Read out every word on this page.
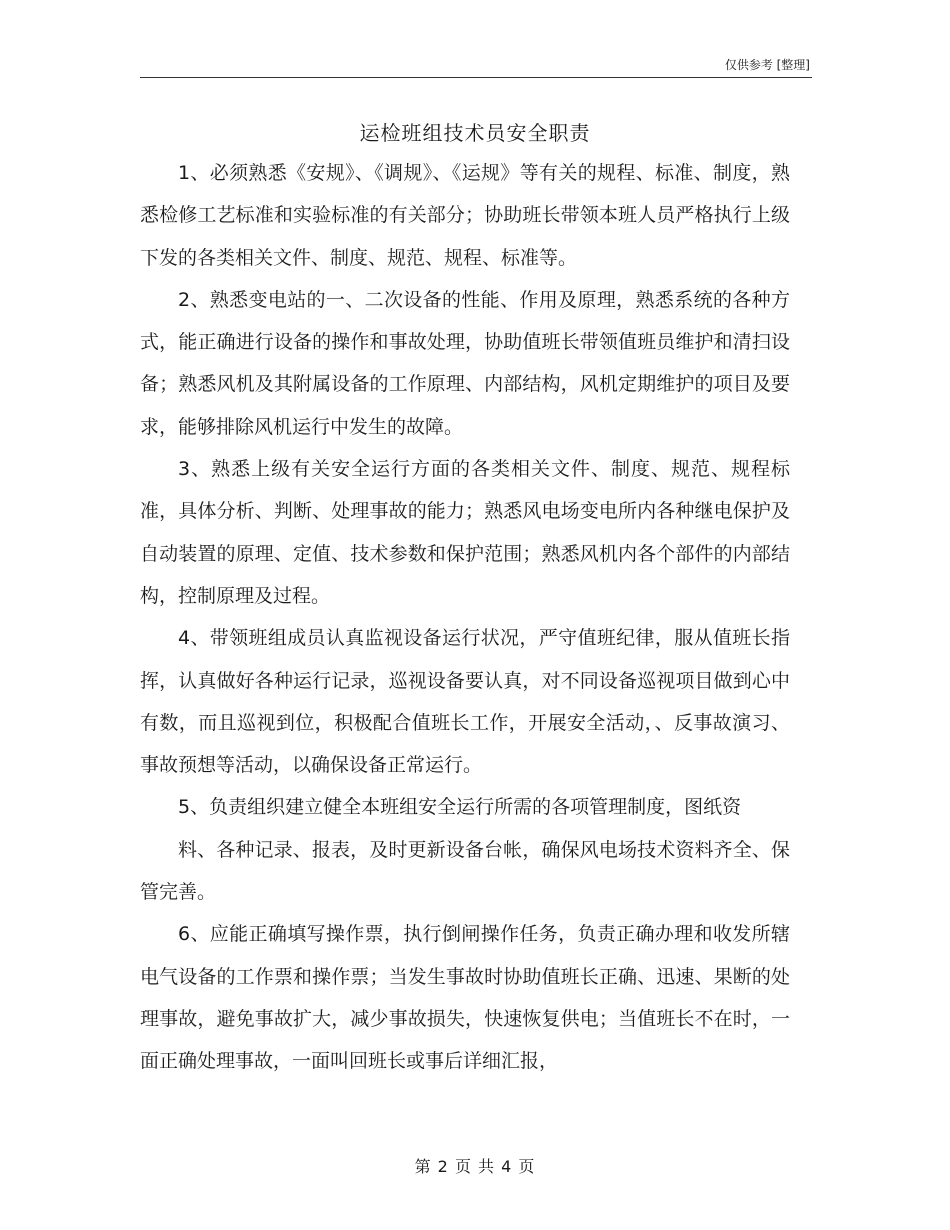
仅供参考 [整理]
运检班组技术员安全职责

1、必须熟悉《安规》、《调规》、《运规》等有关的规程、标准、制度，熟悉检修工艺标准和实验标准的有关部分；协助班长带领本班人员严格执行上级下发的各类相关文件、制度、规范、规程、标准等。

2、熟悉变电站的一、二次设备的性能、作用及原理，熟悉系统的各种方式，能正确进行设备的操作和事故处理，协助值班长带领值班员维护和清扫设备；熟悉风机及其附属设备的工作原理、内部结构，风机定期维护的项目及要求，能够排除风机运行中发生的故障。

3、熟悉上级有关安全运行方面的各类相关文件、制度、规范、规程标准，具体分析、判断、处理事故的能力；熟悉风电场变电所内各种继电保护及自动装置的原理、定值、技术参数和保护范围；熟悉风机内各个部件的内部结构，控制原理及过程。

4、带领班组成员认真监视设备运行状况，严守值班纪律，服从值班长指挥，认真做好各种运行记录，巡视设备要认真，对不同设备巡视项目做到心中有数，而且巡视到位，积极配合值班长工作，开展安全活动，、反事故演习、事故预想等活动，以确保设备正常运行。

5、负责组织建立健全本班组安全运行所需的各项管理制度，图纸资

料、各种记录、报表，及时更新设备台帐，确保风电场技术资料齐全、保管完善。

6、应能正确填写操作票，执行倒闸操作任务，负责正确办理和收发所辖电气设备的工作票和操作票；当发生事故时协助值班长正确、迅速、果断的处理事故，避免事故扩大，减少事故损失，快速恢复供电；当值班长不在时，一面正确处理事故，一面叫回班长或事后详细汇报，

第 2 页 共 4 页
